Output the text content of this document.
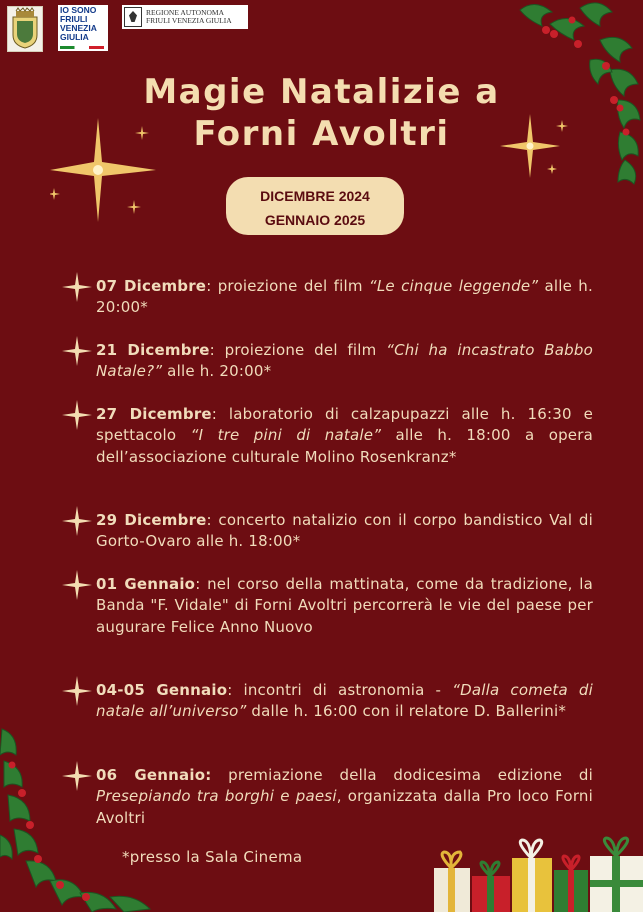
IO SONO
FRIULI
VENEZIA
GIULIA
REGIONE AUTONOMA
FRIULI VENEZIA GIULIA
Magie Natalizie a
Forni Avoltri
DICEMBRE 2024
GENNAIO 2025
07 Dicembre: proiezione del film “Le cinque leggende” alle h. 20:00*
21 Dicembre: proiezione del film “Chi ha incastrato Babbo Natale?” alle h. 20:00*
27 Dicembre: laboratorio di calzapupazzi alle h. 16:30 e spettacolo “I tre pini di natale” alle h. 18:00 a opera dell’associazione culturale Molino Rosenkranz*
29 Dicembre: concerto natalizio con il corpo bandistico Val di Gorto-Ovaro alle h. 18:00*
01 Gennaio: nel corso della mattinata, come da tradizione, la Banda "F. Vidale" di Forni Avoltri percorrerà le vie del paese per augurare Felice Anno Nuovo
04-05 Gennaio: incontri di astronomia - “Dalla cometa di natale all’universo” dalle h. 16:00 con il relatore D. Ballerini*
06 Gennaio: premiazione della dodicesima edizione di Presepiando tra borghi e paesi, organizzata dalla Pro loco Forni Avoltri
*presso la Sala Cinema
